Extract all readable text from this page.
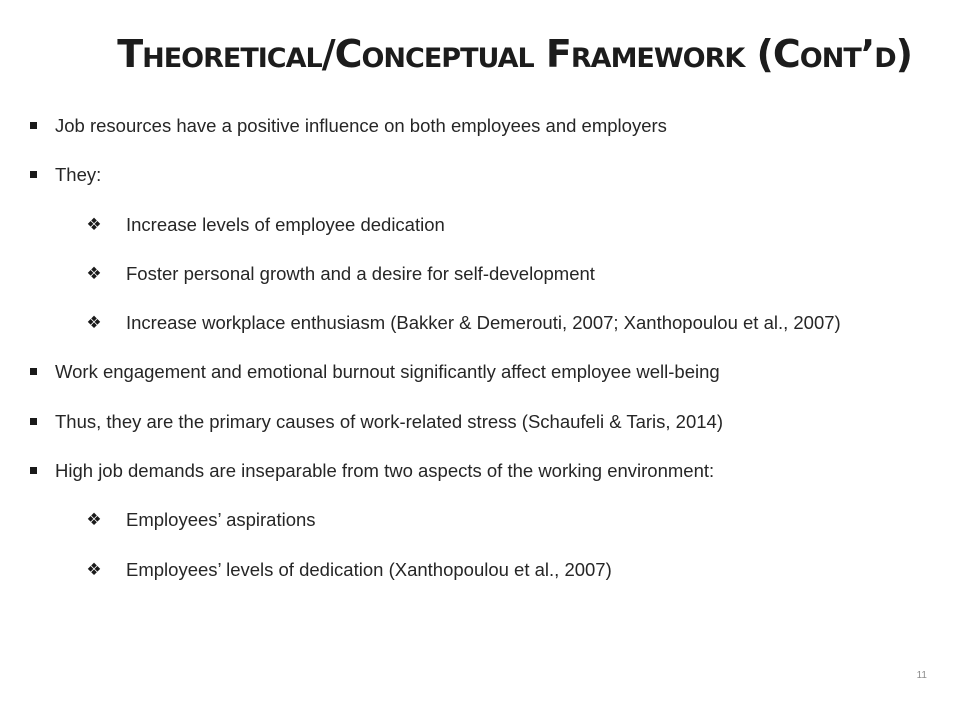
Theoretical/Conceptual Framework (Cont’d)
Job resources have a positive influence on both employees and employers
They:
❖ Increase levels of employee dedication
❖ Foster personal growth and a desire for self-development
❖ Increase workplace enthusiasm (Bakker & Demerouti, 2007; Xanthopoulou et al., 2007)
Work engagement and emotional burnout significantly affect employee well-being
Thus, they are the primary causes of work-related stress (Schaufeli & Taris, 2014)
High job demands are inseparable from two aspects of the working environment:
❖ Employees’ aspirations
❖ Employees’ levels of dedication (Xanthopoulou et al., 2007)
11
